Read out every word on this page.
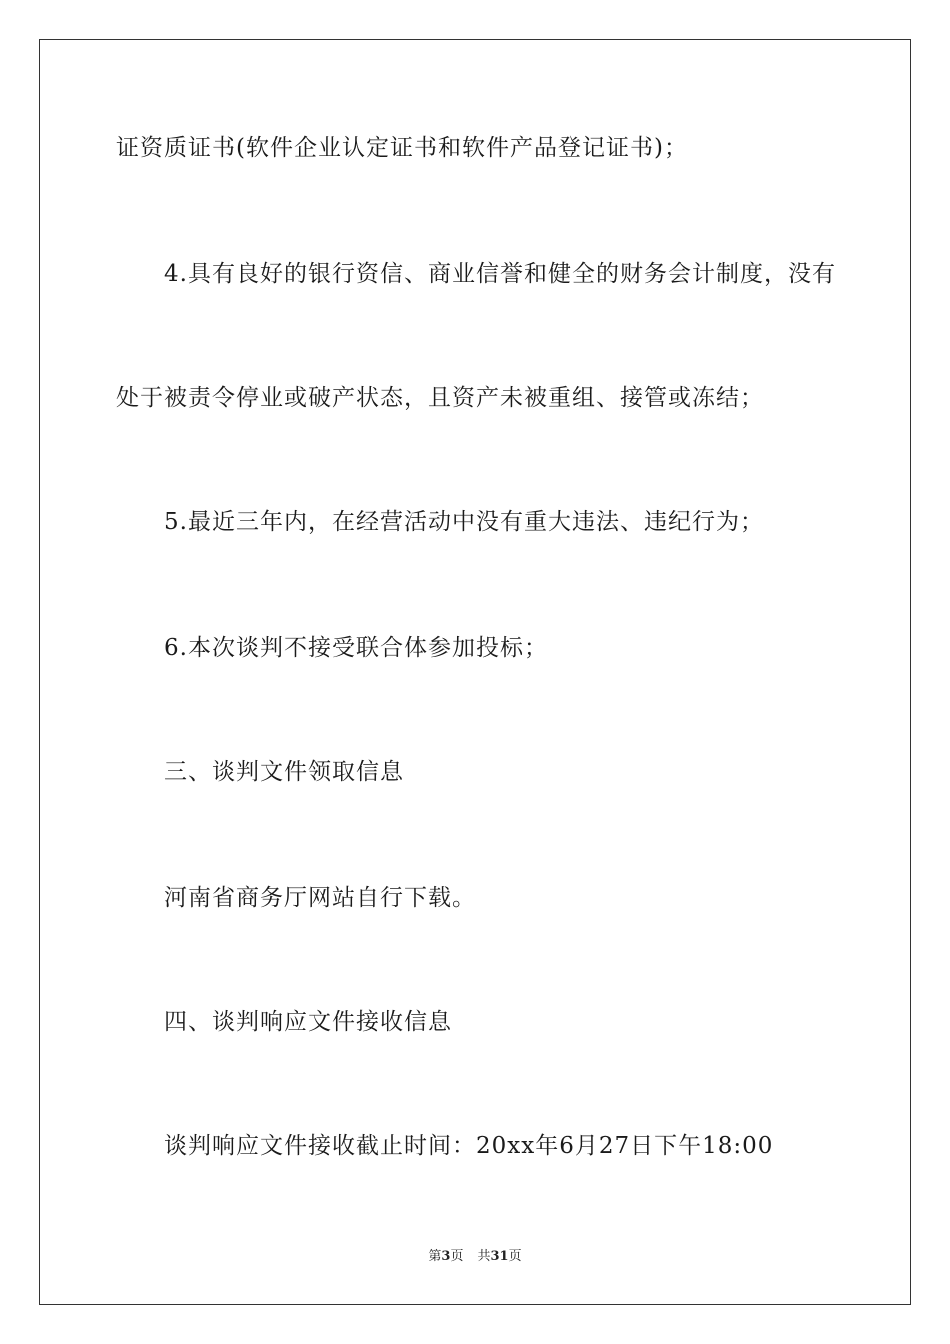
证资质证书(软件企业认定证书和软件产品登记证书)；
4.具有良好的银行资信、商业信誉和健全的财务会计制度，没有
处于被责令停业或破产状态，且资产未被重组、接管或冻结；
5.最近三年内，在经营活动中没有重大违法、违纪行为；
6.本次谈判不接受联合体参加投标；
三、谈判文件领取信息
河南省商务厅网站自行下载。
四、谈判响应文件接收信息
谈判响应文件接收截止时间：20xx年6月27日下午18:00
第3页 共31页
